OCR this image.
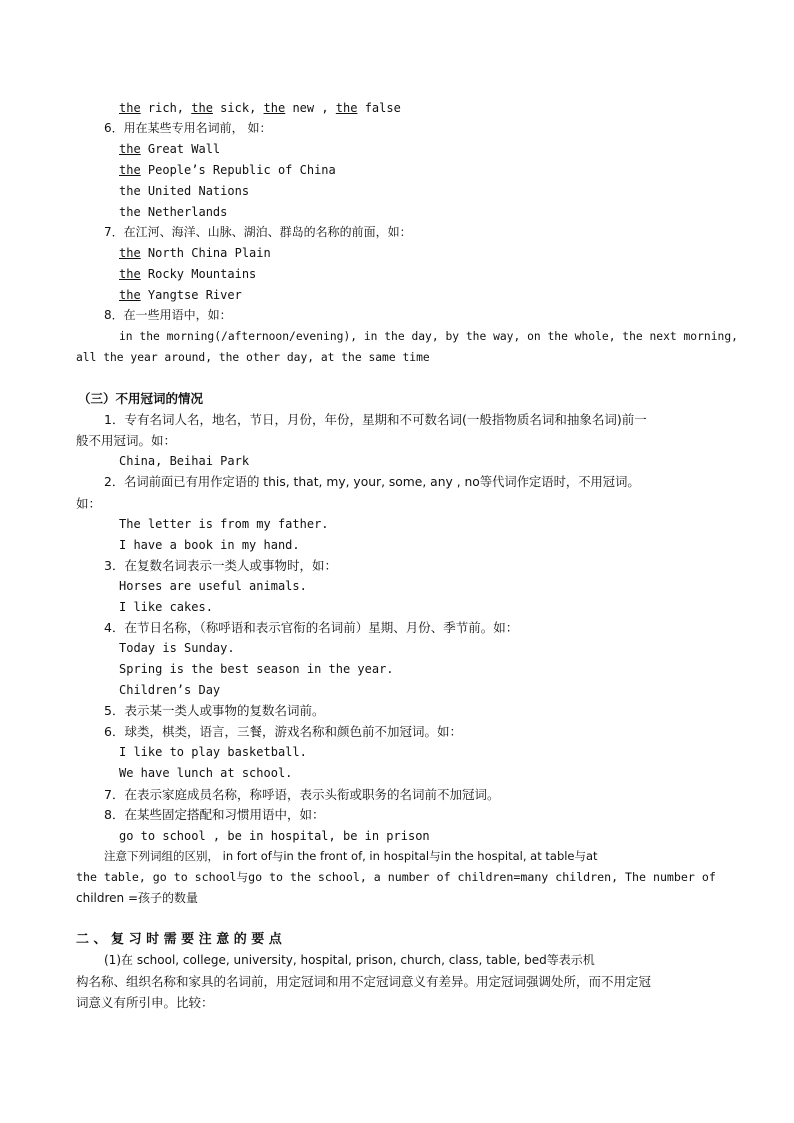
the rich, the sick, the new , the false
6．用在某些专用名词前， 如：
the Great Wall
the People’s Republic of China
the United Nations
the Netherlands
7．在江河、海洋、山脉、湖泊、群岛的名称的前面，如：
the North China Plain
the Rocky Mountains
the Yangtse River
8．在一些用语中，如：
in the morning(/afternoon/evening), in the day, by the way, on the whole, the next morning,
all the year around, the other day, at the same time
（三）不用冠词的情况
1．专有名词人名，地名，节日，月份，年份，星期和不可数名词(一般指物质名词和抽象名词)前一
般不用冠词。如：
China, Beihai Park
2．名词前面已有用作定语的 this, that, my, your, some, any , no等代词作定语时，不用冠词。
如：
The letter is from my father.
I have a book in my hand.
3．在复数名词表示一类人或事物时，如：
Horses are useful animals.
I like cakes.
4．在节日名称，（称呼语和表示官衔的名词前）星期、月份、季节前。如：
Today is Sunday.
Spring is the best season in the year.
Children’s Day
5．表示某一类人或事物的复数名词前。
6．球类，棋类，语言，三餐，游戏名称和颜色前不加冠词。如：
I like to play basketball.
We have lunch at school.
7．在表示家庭成员名称，称呼语，表示头衔或职务的名词前不加冠词。
8．在某些固定搭配和习惯用语中，如：
go to school , be in hospital, be in prison
注意下列词组的区别， in fort of与in the front of, in hospital与in the hospital, at table与at
the table, go to school与go to the school, a number of children=many children, The number of
children =孩子的数量
二 、 复 习 时 需 要 注 意 的 要 点
(1)在 school, college, university, hospital, prison, church, class, table, bed等表示机
构名称、组织名称和家具的名词前，用定冠词和用不定冠词意义有差异。用定冠词强调处所，而不用定冠
词意义有所引申。比较：
